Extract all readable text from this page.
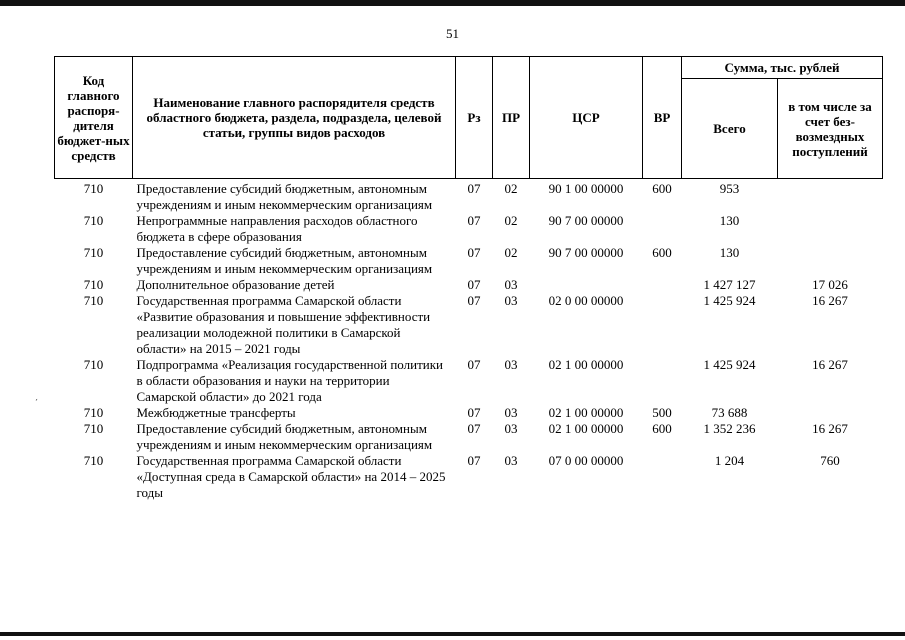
51
´
Код главного распоря-дителя бюджет-ных средств	Наименование главного распорядителя средств областного бюджета, раздела, подраздела, целевой статьи, группы видов расходов	Рз	ПР	ЦСР	ВР	Сумма, тыс. рублей	
						Всего	в том числе за счет без-возмездных поступлений
710	Предоставление субсидий бюджетным, автономным учреждениям и иным некоммерческим организациям	07	02	90 1 00 00000	600	953	
710	Непрограммные направления расходов областного бюджета в сфере образования	07	02	90 7 00 00000		130	
710	Предоставление субсидий бюджетным, автономным учреждениям и иным некоммерческим организациям	07	02	90 7 00 00000	600	130	
710	Дополнительное образование детей	07	03			1 427 127	17 026
710	Государственная программа Самарской области «Развитие образования и повышение эффективности реализации молодежной политики в Самарской области» на 2015 – 2021 годы	07	03	02 0 00 00000		1 425 924	16 267
710	Подпрограмма «Реализация государственной политики в области образования и науки на территории Самарской области» до 2021 года	07	03	02 1 00 00000		1 425 924	16 267
710	Межбюджетные трансферты	07	03	02 1 00 00000	500	73 688	
710	Предоставление субсидий бюджетным, автономным учреждениям и иным некоммерческим организациям	07	03	02 1 00 00000	600	1 352 236	16 267
710	Государственная программа Самарской области «Доступная среда в Самарской области» на 2014 – 2025 годы	07	03	07 0 00 00000		1 204	760
